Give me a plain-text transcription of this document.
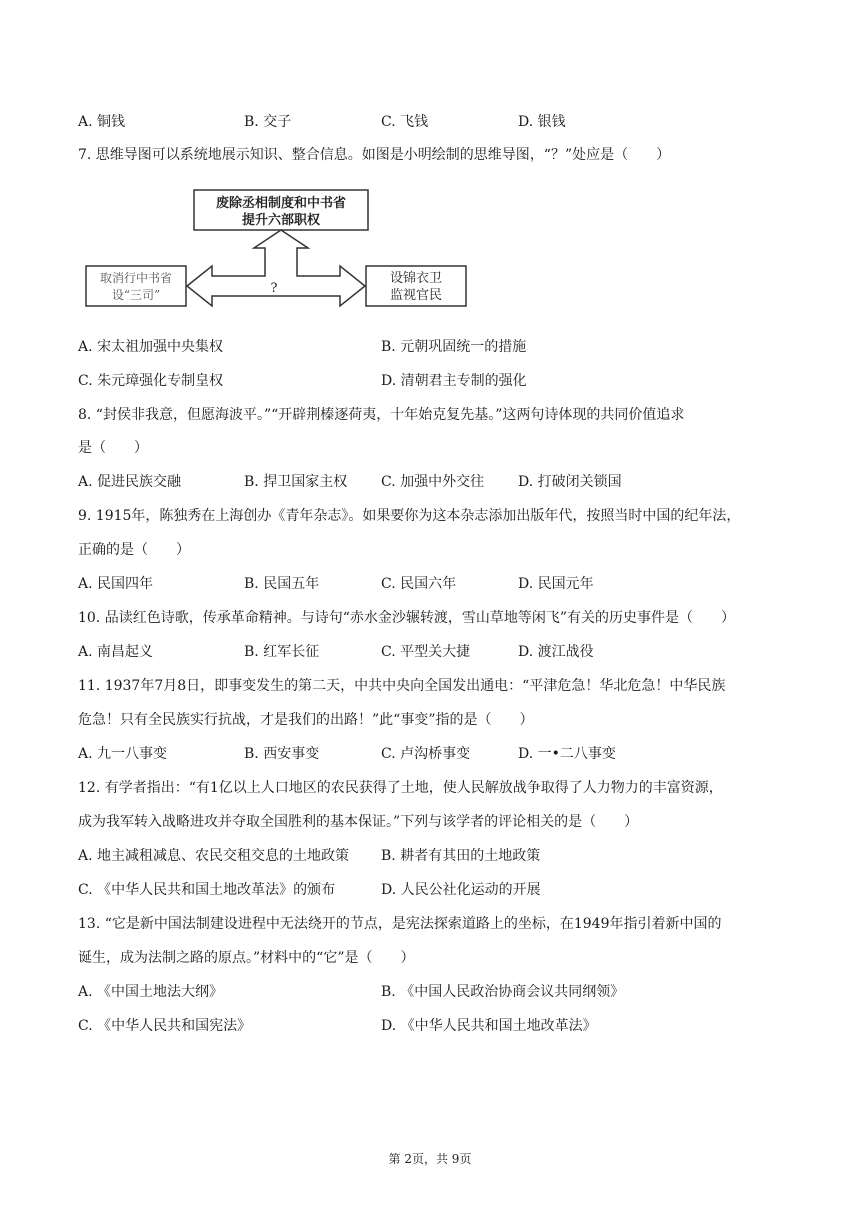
A. 铜钱	B. 交子	C. 飞钱	D. 银钱
7. 思维导图可以系统地展示知识、整合信息。如图是小明绘制的思维导图，“？”处应是（　　）
废除丞相制度和中书省
提升六部职权
取消行中书省
设“三司”
设锦衣卫
监视官民
?
A. 宋太祖加强中央集权	B. 元朝巩固统一的措施
C. 朱元璋强化专制皇权	D. 清朝君主专制的强化
8. “封侯非我意，但愿海波平。”“开辟荆榛逐荷夷，十年始克复先基。”这两句诗体现的共同价值追求
是（　　）
A. 促进民族交融	B. 捍卫国家主权 C. 加强中外交往 D. 打破闭关锁国
9. 1915年，陈独秀在上海创办《青年杂志》。如果要你为这本杂志添加出版年代，按照当时中国的纪年法，
正确的是（　　）
A. 民国四年	B. 民国五年	C. 民国六年	D. 民国元年
10. 品读红色诗歌，传承革命精神。与诗句“赤水金沙辗转渡，雪山草地等闲飞”有关的历史事件是（　　）
A. 南昌起义	B. 红军长征	C. 平型关大捷	D. 渡江战役
11. 1937年7月8日，即事变发生的第二天，中共中央向全国发出通电：“平津危急！华北危急！中华民族
危急！只有全民族实行抗战，才是我们的出路！”此“事变”指的是（　　）
A. 九一八事变	B. 西安事变	C. 卢沟桥事变	D. 一•二八事变
12. 有学者指出：“有1亿以上人口地区的农民获得了土地，使人民解放战争取得了人力物力的丰富资源，
成为我军转入战略进攻并夺取全国胜利的基本保证。”下列与该学者的评论相关的是（　　）
A. 地主减租减息、农民交租交息的土地政策 B. 耕者有其田的土地政策
C. 《中华人民共和国土地改革法》的颁布	D. 人民公社化运动的开展
13. “它是新中国法制建设进程中无法绕开的节点，是宪法探索道路上的坐标，在1949年指引着新中国的
诞生，成为法制之路的原点。”材料中的“它”是（　　）
A. 《中国土地法大纲》	B. 《中国人民政治协商会议共同纲领》
C. 《中华人民共和国宪法》	D. 《中华人民共和国土地改革法》
第 2页，共 9页
